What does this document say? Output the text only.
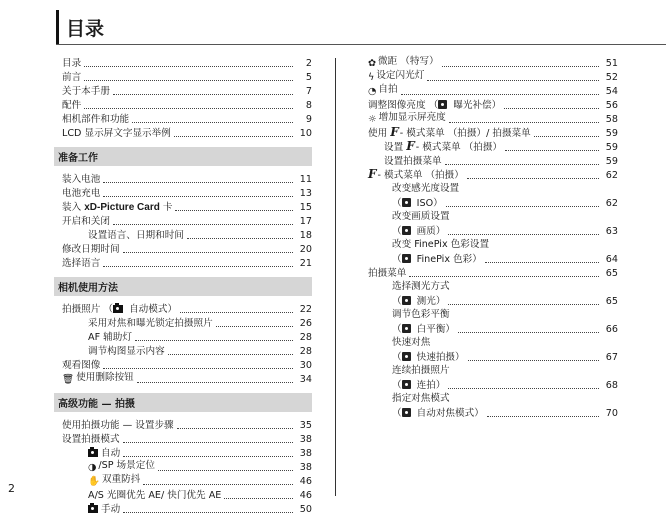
目录
2
目录	2
前言	5
关于本手册	7
配件	8
相机部件和功能	9
LCD 显示屏文字显示举例	10
准备工作
装入电池	11
电池充电	13
装入 xD-Picture Card 卡	15
开启和关闭	17
设置语言、日期和时间	18
修改日期时间	20
选择语言	21
相机使用方法
拍摄照片 （ 自动模式）	22
采用对焦和曝光锁定拍摄照片	26
AF 辅助灯	28
调节构图显示内容	28
观看图像	30
🗑 使用删除按钮	34
高级功能 — 拍摄
使用拍摄功能 — 设置步骤	35
设置拍摄模式	38
自动	38
◑ /SP 场景定位	38
✋ 双重防抖	46
A/S 光圈优先 AE/ 快门优先 AE	46
手动	50
✿ 微距 （特写）	51
ϟ 设定闪光灯	52
◔ 自拍	54
调整图像亮度 （ 曝光补偿）	56
☼ 增加显示屏亮度	58
使用 F- 模式菜单 （拍摄）/ 拍摄菜单	59
设置 F- 模式菜单 （拍摄）	59
设置拍摄菜单	59
F- 模式菜单 （拍摄）	62
改变感光度设置
（ ISO）	62
改变画质设置
（ 画质）	63
改变 FinePix 色彩设置
（ FinePix 色彩）	64
拍摄菜单	65
选择测光方式
（ 测光）	65
调节色彩平衡
（ 白平衡）	66
快速对焦
（ 快速拍摄）	67
连续拍摄照片
（ 连拍）	68
指定对焦模式
（ 自动对焦模式）	70
